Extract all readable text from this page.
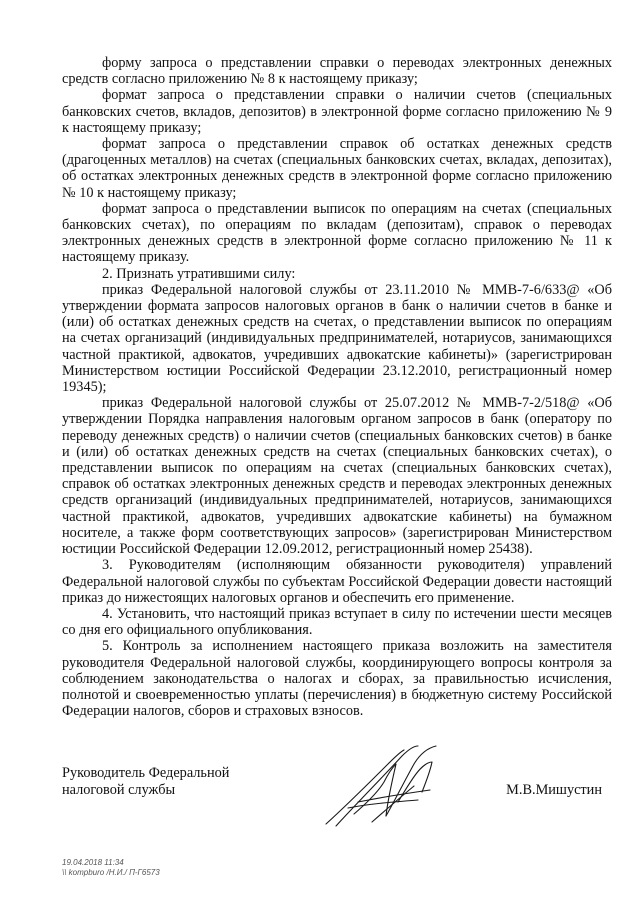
форму запроса о представлении справки о переводах электронных денежных средств согласно приложению № 8 к настоящему приказу;

формат запроса о представлении справки о наличии счетов (специальных банковских счетов, вкладов, депозитов) в электронной форме согласно приложению № 9 к настоящему приказу;

формат запроса о представлении справок об остатках денежных средств (драгоценных металлов) на счетах (специальных банковских счетах, вкладах, депозитах), об остатках электронных денежных средств в электронной форме согласно приложению № 10 к настоящему приказу;

формат запроса о представлении выписок по операциям на счетах (специальных банковских счетах), по операциям по вкладам (депозитам), справок о переводах электронных денежных средств в электронной форме согласно приложению № 11 к настоящему приказу.

2. Признать утратившими силу:

приказ Федеральной налоговой службы от 23.11.2010 № ММВ-7-6/633@ «Об утверждении формата запросов налоговых органов в банк о наличии счетов в банке и (или) об остатках денежных средств на счетах, о представлении выписок по операциям на счетах организаций (индивидуальных предпринимателей, нотариусов, занимающихся частной практикой, адвокатов, учредивших адвокатские кабинеты)» (зарегистрирован Министерством юстиции Российской Федерации 23.12.2010, регистрационный номер 19345);

приказ Федеральной налоговой службы от 25.07.2012 № ММВ-7-2/518@ «Об утверждении Порядка направления налоговым органом запросов в банк (оператору по переводу денежных средств) о наличии счетов (специальных банковских счетов) в банке и (или) об остатках денежных средств на счетах (специальных банковских счетах), о представлении выписок по операциям на счетах (специальных банковских счетах), справок об остатках электронных денежных средств и переводах электронных денежных средств организаций (индивидуальных предпринимателей, нотариусов, занимающихся частной практикой, адвокатов, учредивших адвокатские кабинеты) на бумажном носителе, а также форм соответствующих запросов» (зарегистрирован Министерством юстиции Российской Федерации 12.09.2012, регистрационный номер 25438).

3. Руководителям (исполняющим обязанности руководителя) управлений Федеральной налоговой службы по субъектам Российской Федерации довести настоящий приказ до нижестоящих налоговых органов и обеспечить его применение.

4. Установить, что настоящий приказ вступает в силу по истечении шести месяцев со дня его официального опубликования.

5. Контроль за исполнением настоящего приказа возложить на заместителя руководителя Федеральной налоговой службы, координирующего вопросы контроля за соблюдением законодательства о налогах и сборах, за правильностью исчисления, полнотой и своевременностью уплаты (перечисления) в бюджетную систему Российской Федерации налогов, сборов и страховых взносов.

Руководитель Федеральной
налоговой службы	М.В.Мишустин
19.04.2018 11:34
\\ kompburo /Н.И./ П-Г6573
